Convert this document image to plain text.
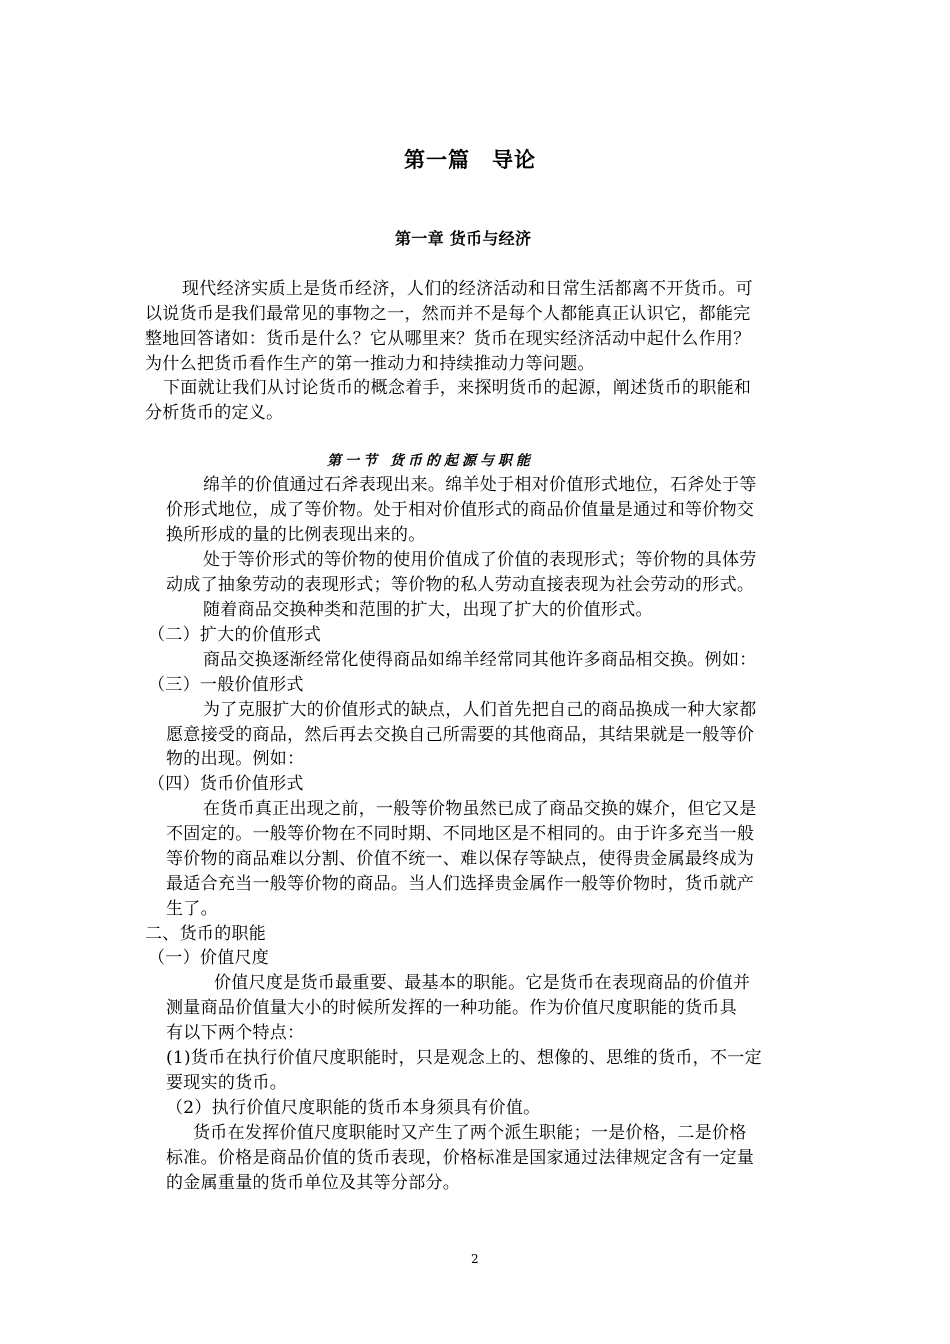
第一篇　导论
第一章 货币与经济
现代经济实质上是货币经济，人们的经济活动和日常生活都离不开货币。可
以说货币是我们最常见的事物之一，然而并不是每个人都能真正认识它，都能完
整地回答诸如：货币是什么？它从哪里来？货币在现实经济活动中起什么作用？
为什么把货币看作生产的第一推动力和持续推动力等问题。
下面就让我们从讨论货币的概念着手，来探明货币的起源，阐述货币的职能和
分析货币的定义。
第一节 货币的起源与职能
绵羊的价值通过石斧表现出来。绵羊处于相对价值形式地位，石斧处于等
价形式地位，成了等价物。处于相对价值形式的商品价值量是通过和等价物交
换所形成的量的比例表现出来的。
处于等价形式的等价物的使用价值成了价值的表现形式；等价物的具体劳
动成了抽象劳动的表现形式；等价物的私人劳动直接表现为社会劳动的形式。
随着商品交换种类和范围的扩大，出现了扩大的价值形式。
（二）扩大的价值形式
商品交换逐渐经常化使得商品如绵羊经常同其他许多商品相交换。例如：
（三）一般价值形式
为了克服扩大的价值形式的缺点，人们首先把自己的商品换成一种大家都
愿意接受的商品，然后再去交换自己所需要的其他商品，其结果就是一般等价
物的出现。例如：
（四）货币价值形式
在货币真正出现之前，一般等价物虽然已成了商品交换的媒介，但它又是
不固定的。一般等价物在不同时期、不同地区是不相同的。由于许多充当一般
等价物的商品难以分割、价值不统一、难以保存等缺点，使得贵金属最终成为
最适合充当一般等价物的商品。当人们选择贵金属作一般等价物时，货币就产
生了。
二、货币的职能
（一）价值尺度
价值尺度是货币最重要、最基本的职能。它是货币在表现商品的价值并
测量商品价值量大小的时候所发挥的一种功能。作为价值尺度职能的货币具
有以下两个特点：
(1)货币在执行价值尺度职能时，只是观念上的、想像的、思维的货币，不一定
要现实的货币。
（2）执行价值尺度职能的货币本身须具有价值。
货币在发挥价值尺度职能时又产生了两个派生职能；一是价格，二是价格
标准。价格是商品价值的货币表现，价格标准是国家通过法律规定含有一定量
的金属重量的货币单位及其等分部分。
2
